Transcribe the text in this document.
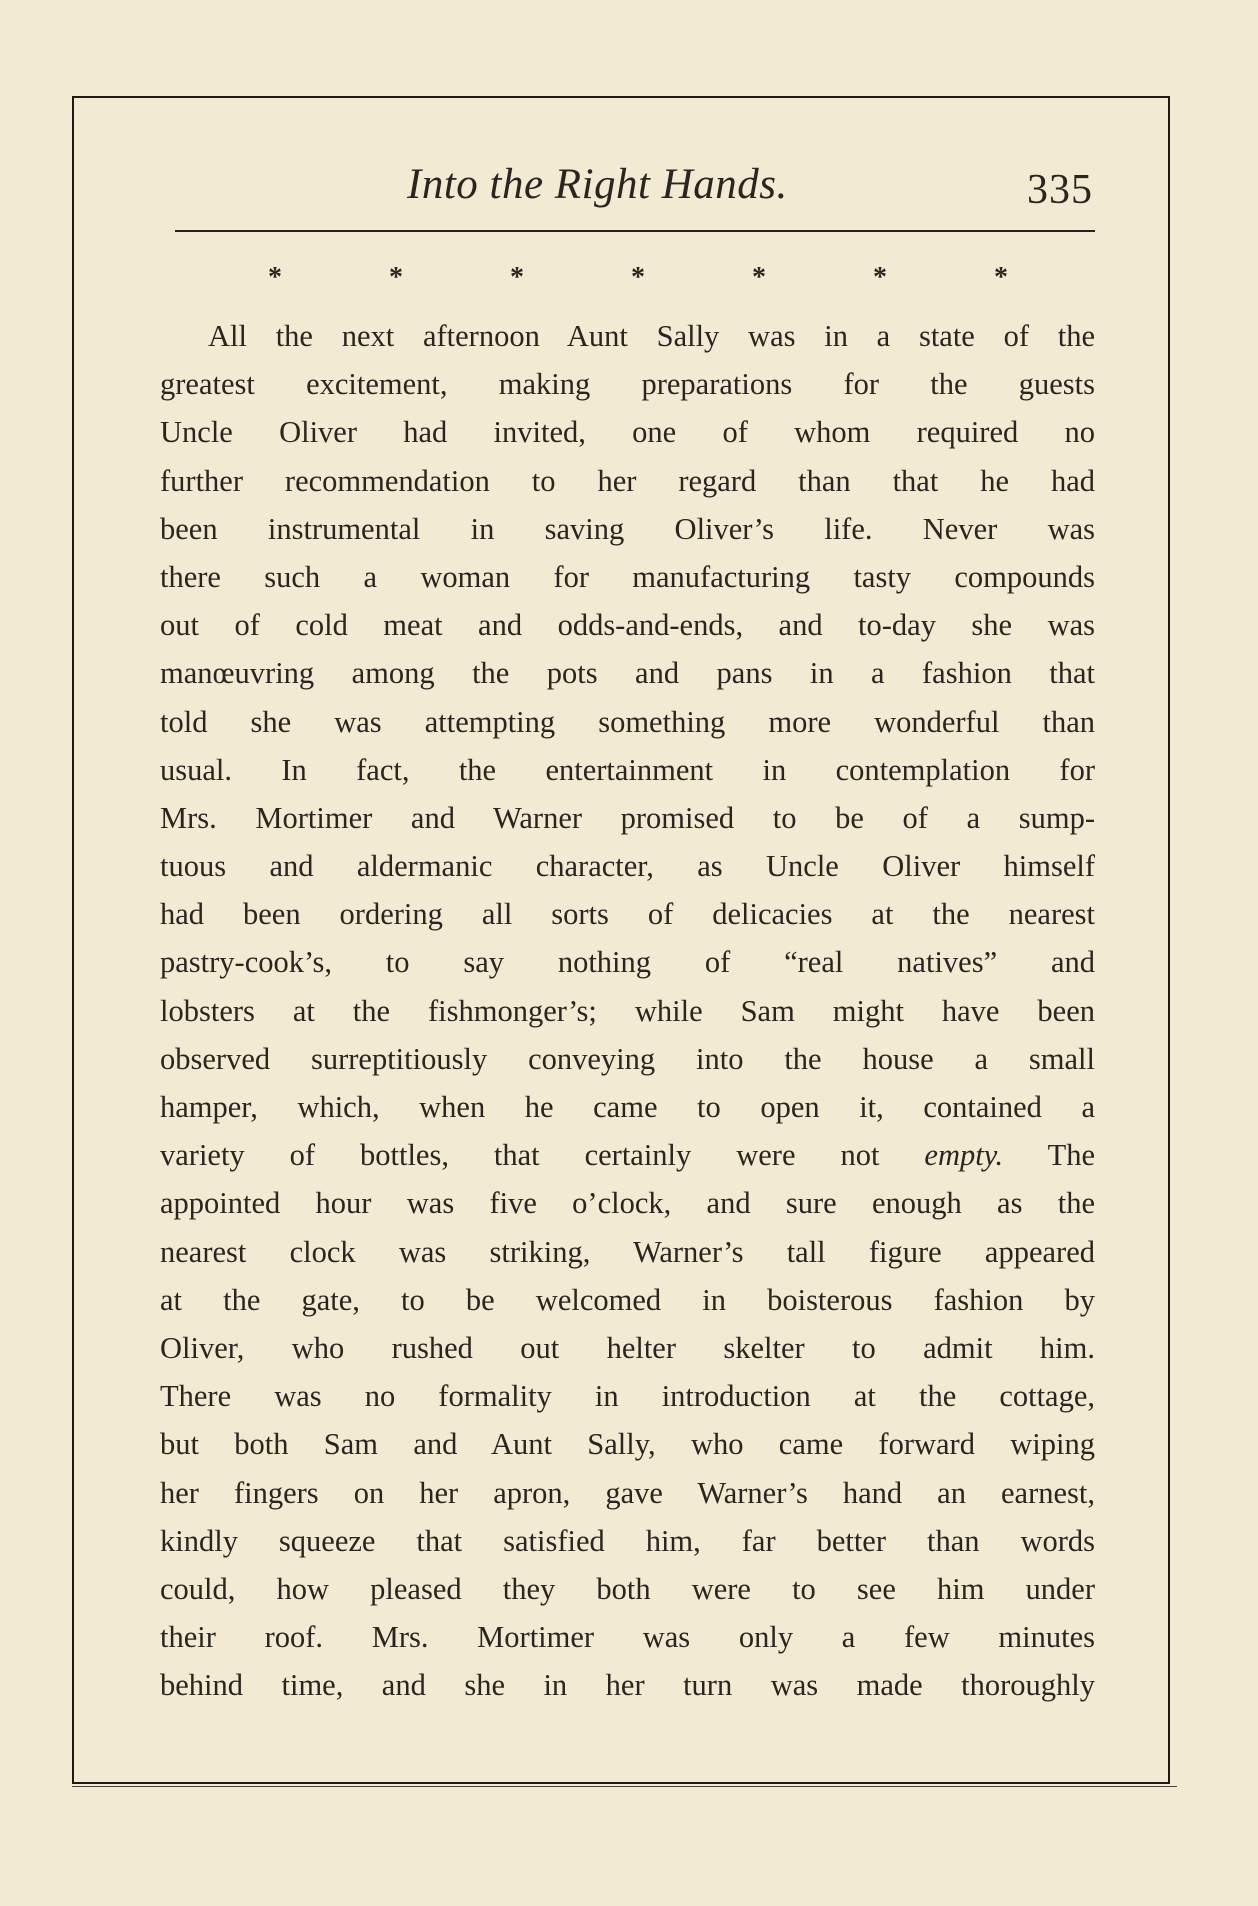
Into the Right Hands.	335
*	*	*	*	*	*	*
All the next afternoon Aunt Sally was in a state of the
greatest excitement, making preparations for the guests
Uncle Oliver had invited, one of whom required no
further recommendation to her regard than that he had
been instrumental in saving Oliver’s life. Never was
there such a woman for manufacturing tasty compounds
out of cold meat and odds-and-ends, and to-day she was
manœuvring among the pots and pans in a fashion that
told she was attempting something more wonderful than
usual. In fact, the entertainment in contemplation for
Mrs. Mortimer and Warner promised to be of a sump-
tuous and aldermanic character, as Uncle Oliver himself
had been ordering all sorts of delicacies at the nearest
pastry-cook’s, to say nothing of “real natives” and
lobsters at the fishmonger’s; while Sam might have been
observed surreptitiously conveying into the house a small
hamper, which, when he came to open it, contained a
variety of bottles, that certainly were not empty. The
appointed hour was five o’clock, and sure enough as the
nearest clock was striking, Warner’s tall figure appeared
at the gate, to be welcomed in boisterous fashion by
Oliver, who rushed out helter skelter to admit him.
There was no formality in introduction at the cottage,
but both Sam and Aunt Sally, who came forward wiping
her fingers on her apron, gave Warner’s hand an earnest,
kindly squeeze that satisfied him, far better than words
could, how pleased they both were to see him under
their roof. Mrs. Mortimer was only a few minutes
behind time, and she in her turn was made thoroughly
